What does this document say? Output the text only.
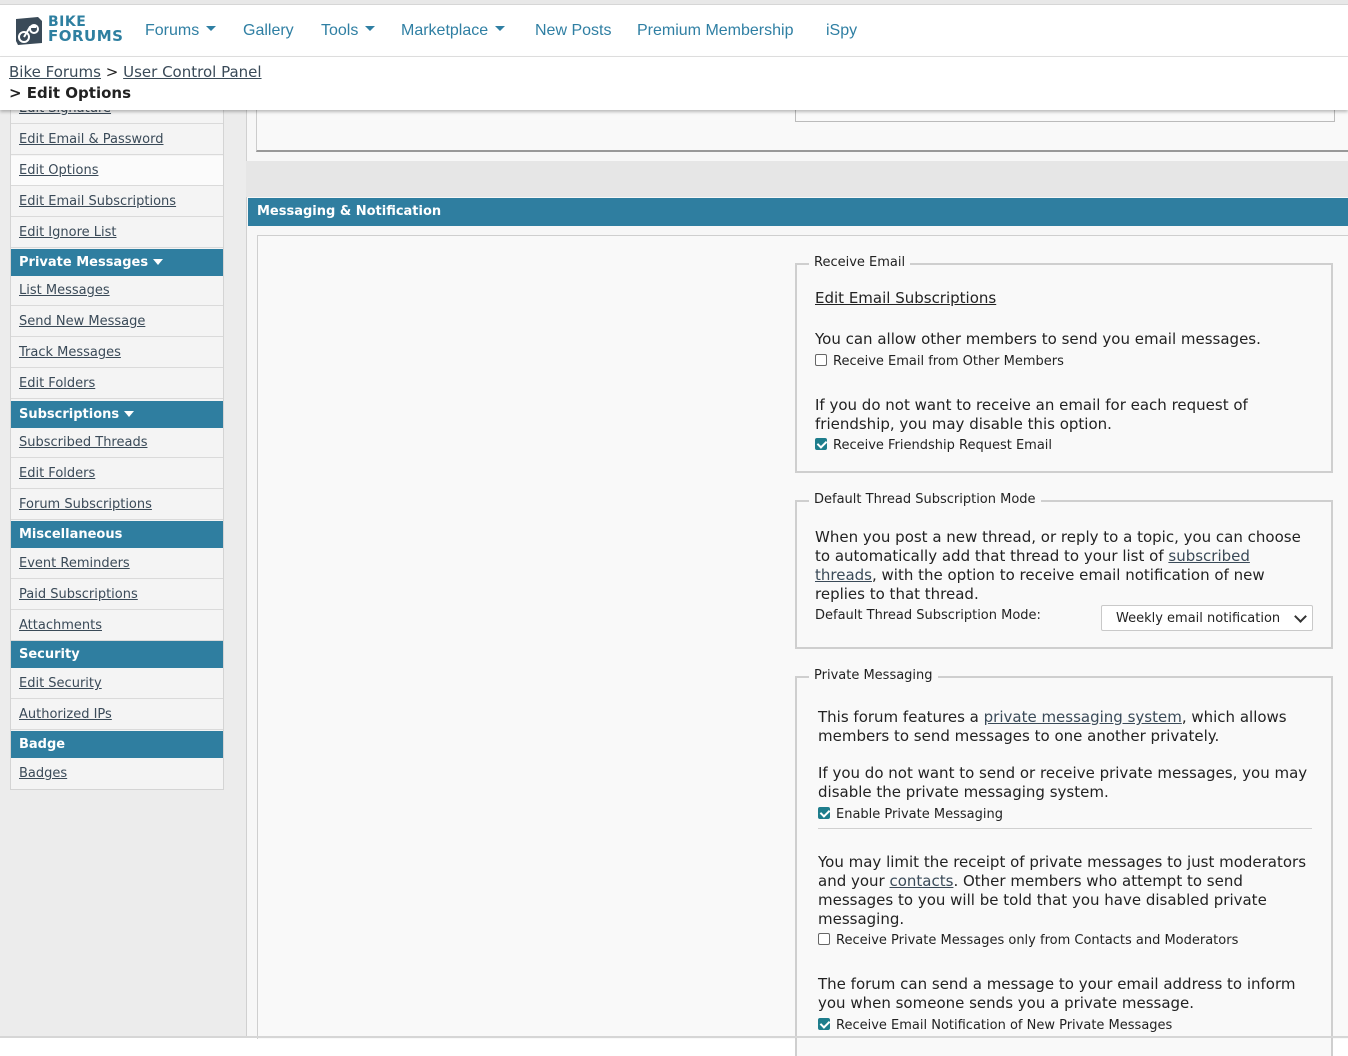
BIKE
FORUMS Forums	Gallery Tools	Marketplace	New Posts Premium Membership iSpy
Bike Forums > User Control Panel
> Edit Options
Edit Email & Password
Edit Options
Edit Email Subscriptions
Edit Ignore List
Private Messages
List Messages
Send New Message
Track Messages
Edit Folders
Subscriptions
Subscribed Threads
Edit Folders
Forum Subscriptions
Miscellaneous
Event Reminders
Paid Subscriptions
Attachments
Security
Edit Security
Authorized IPs
Badge
Badges
Messaging & Notification
Receive Email
Edit Email Subscriptions
You can allow other members to send you email messages.
Receive Email from Other Members
If you do not want to receive an email for each request of friendship, you may disable this option.
Receive Friendship Request Email
Default Thread Subscription Mode
When you post a new thread, or reply to a topic, you can choose to automatically add that thread to your list of subscribed threads, with the option to receive email notification of new replies to that thread.
Default Thread Subscription Mode:	Weekly email notification
Private Messaging
This forum features a private messaging system, which allows members to send messages to one another privately.
If you do not want to send or receive private messages, you may disable the private messaging system.
Enable Private Messaging
You may limit the receipt of private messages to just moderators and your contacts. Other members who attempt to send messages to you will be told that you have disabled private messaging.
Receive Private Messages only from Contacts and Moderators
The forum can send a message to your email address to inform you when someone sends you a private message.
Receive Email Notification of New Private Messages
